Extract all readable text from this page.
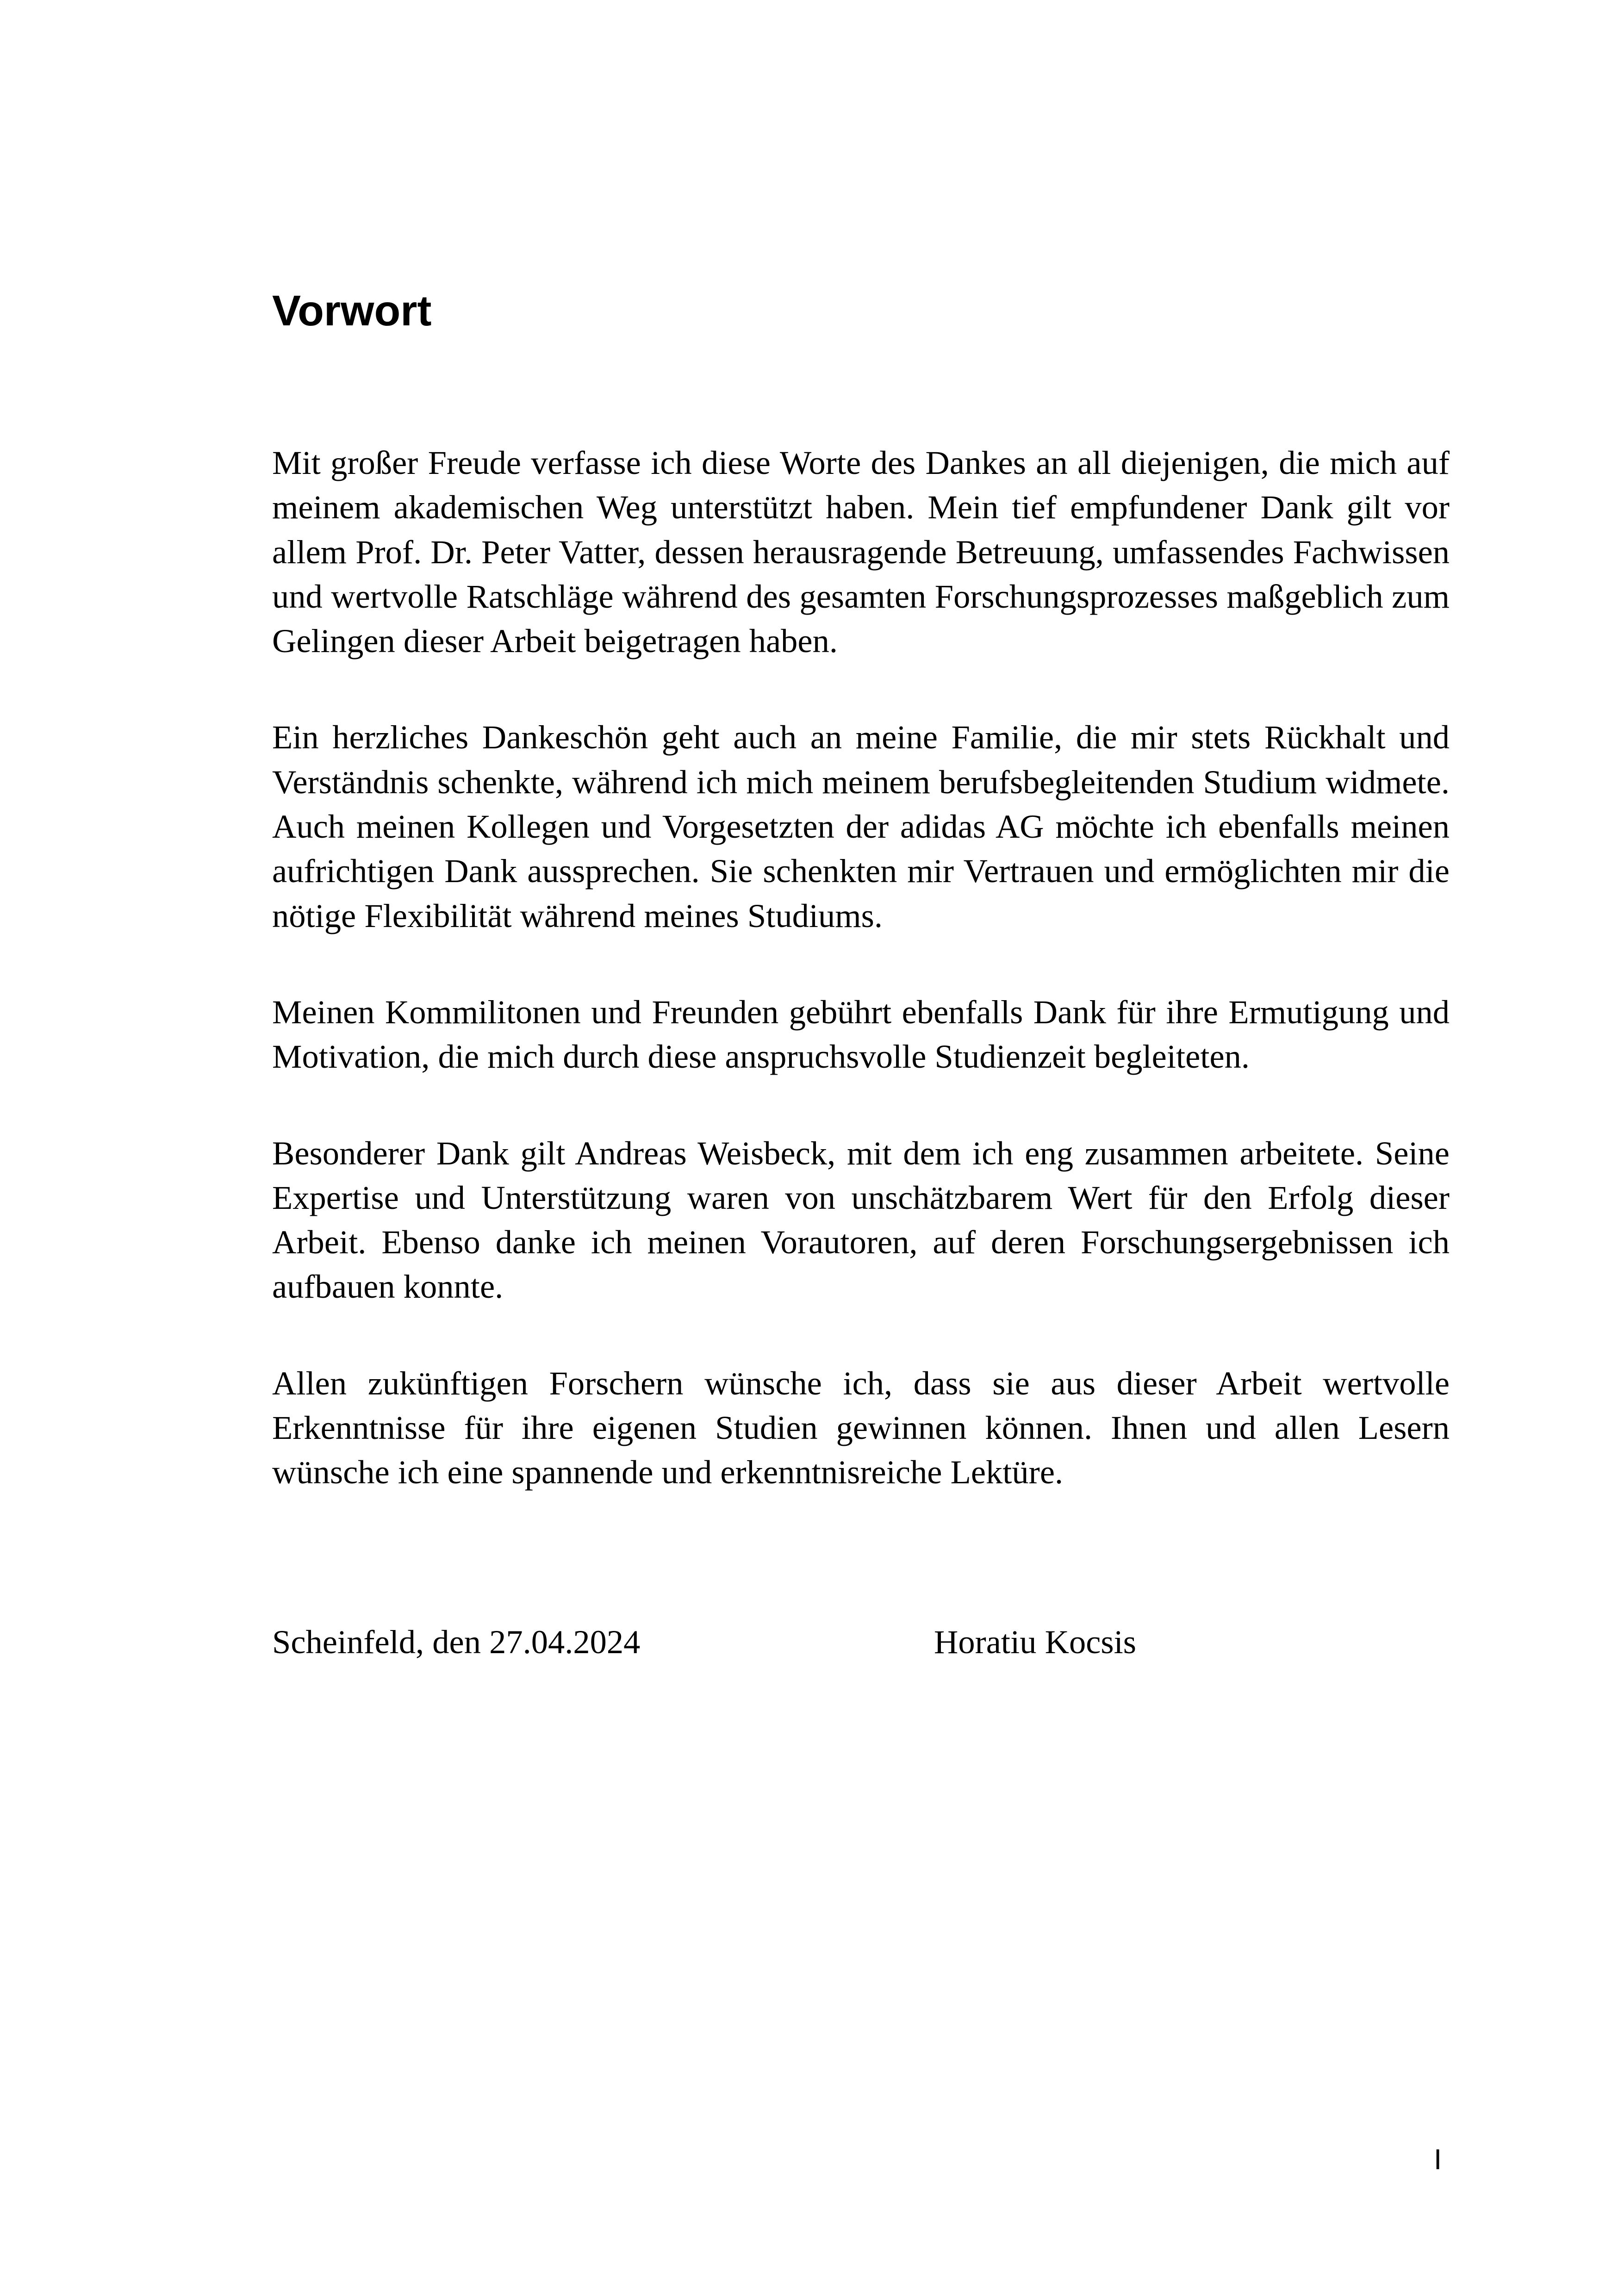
Vorwort

Mit großer Freude verfasse ich diese Worte des Dankes an all diejenigen, die mich auf meinem akademischen Weg unterstützt haben. Mein tief empfundener Dank gilt vor allem Prof. Dr. Peter Vatter, dessen herausragende Betreuung, umfassendes Fachwissen und wertvolle Ratschläge während des gesamten Forschungsprozesses maßgeblich zum Gelingen dieser Arbeit beigetragen haben.

Ein herzliches Dankeschön geht auch an meine Familie, die mir stets Rückhalt und Verständnis schenkte, während ich mich meinem berufsbegleitenden Studium widmete. Auch meinen Kollegen und Vorgesetzten der adidas AG möchte ich ebenfalls meinen aufrichtigen Dank aussprechen. Sie schenkten mir Vertrauen und ermöglichten mir die nötige Flexibilität während meines Studiums.

Meinen Kommilitonen und Freunden gebührt ebenfalls Dank für ihre Ermutigung und Motivation, die mich durch diese anspruchsvolle Studienzeit begleiteten.

Besonderer Dank gilt Andreas Weisbeck, mit dem ich eng zusammen arbeitete. Seine Expertise und Unterstützung waren von unschätzbarem Wert für den Erfolg dieser Arbeit. Ebenso danke ich meinen Vorautoren, auf deren Forschungsergebnissen ich aufbauen konnte.

Allen zukünftigen Forschern wünsche ich, dass sie aus dieser Arbeit wertvolle Erkenntnisse für ihre eigenen Studien gewinnen können. Ihnen und allen Lesern wünsche ich eine spannende und erkenntnisreiche Lektüre.

Scheinfeld, den 27.04.2024	Horatiu Kocsis
I
